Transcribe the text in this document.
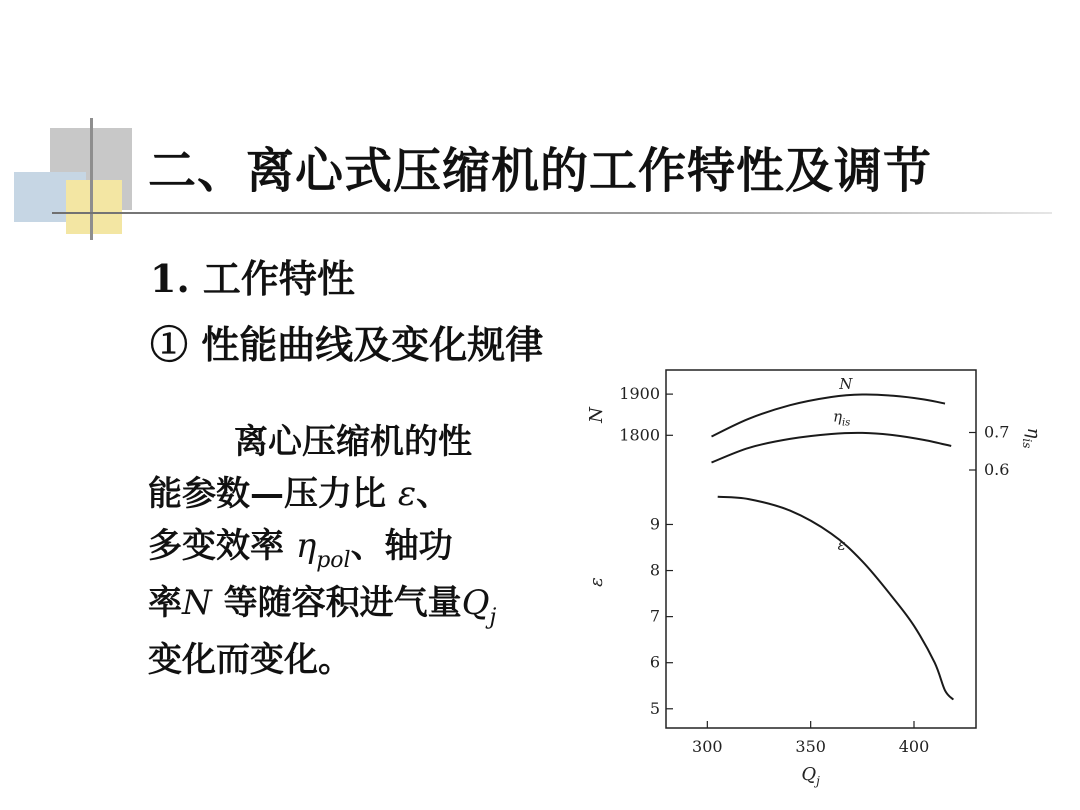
二、离心式压缩机的工作特性及调节
1. 工作特性
① 性能曲线及变化规律
离心压缩机的性
能参数—压力比 ε、
多变效率 $\eta_{pol}$、轴功
率N 等随容积进气量$Q_j$
变化而变化。
300	350	400
$Q_j$
1800
1900
N
5
6
7
8
9
ε
0.6
0.7 $\eta_{is}$
N
$\eta_{is}$
ε
